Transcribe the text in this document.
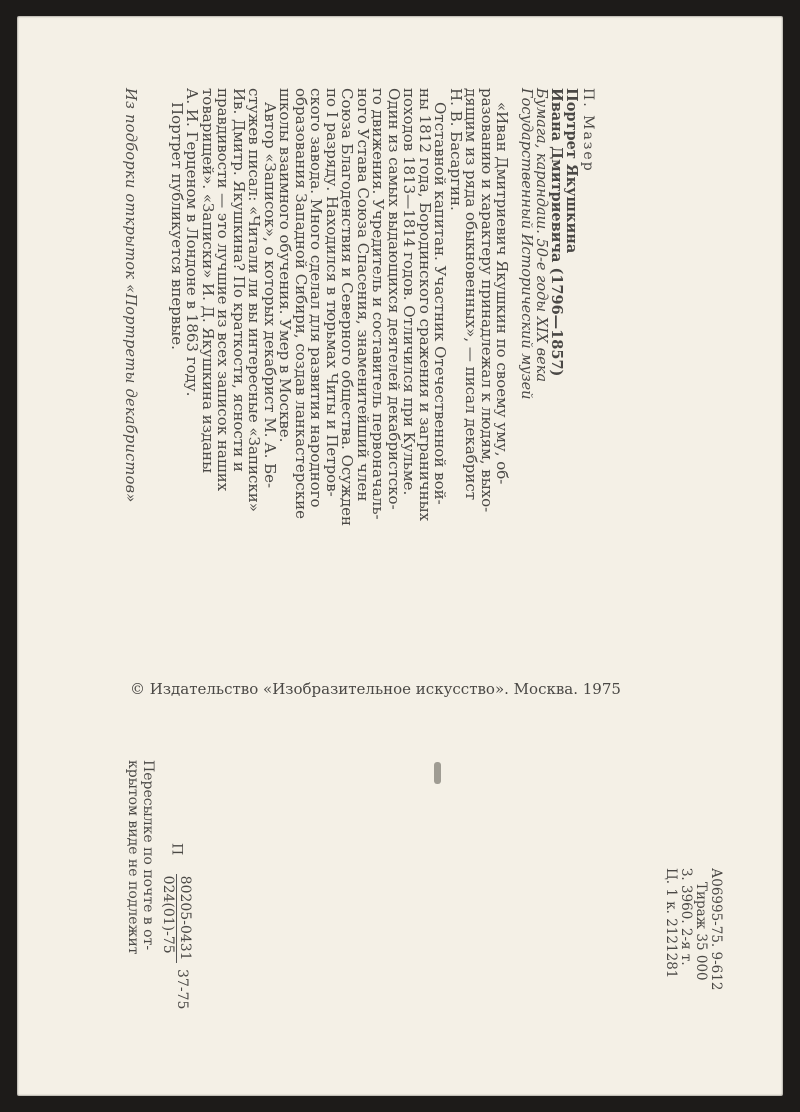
П. Мазер

Портрет Якушкина

Ивана Дмитриевича (1796—1857)

Бумага, карандаш. 50-е годы XIX века

Государственный Исторический музей

«Иван Дмитриевич Якушкин по своему уму, об-

разованию и характеру принадлежал к людям, выхо-

дящим из ряда обыкновенных», — писал декабрист

Н. В. Басаргин.

Отставной капитан. Участник Отечественной вой-

ны 1812 года, Бородинского сражения и заграничных

походов 1813—1814 годов. Отличился при Кульме.

Один из самых выдающихся деятелей декабристско-

го движения. Учредитель и составитель первоначаль-

ного Устава Союза Спасения, знаменитейший член

Союза Благоденствия и Северного общества. Осужден

по I разряду. Находился в тюрьмах Читы и Петров-

ского завода. Много сделал для развития народного

образования Западной Сибири, создав ланкастерские

школы взаимного обучения. Умер в Москве.

Автор «Записок», о которых декабрист М. А. Бе-

стужев писал: «Читали ли вы интересные «Записки»

Ив. Дмитр. Якушкина? По краткости, ясности и

правдивости — это лучшие из всех записок наших

товарищей». «Записки» И. Д. Якушкина изданы

А. И. Герценом в Лондоне в 1863 году.

Портрет публикуется впервые.

Из подборки открыток «Портреты декабристов»
© Издательство «Изобразительное искусство». Москва. 1975
Пересылке по почте в от-
крытом виде не подлежит	П
80205-0431
024(01)-75
37-75	А06995-75. 9-612
Тираж 35 000
З. 3960. 2-я т.
Ц. 1 к. 2121281
